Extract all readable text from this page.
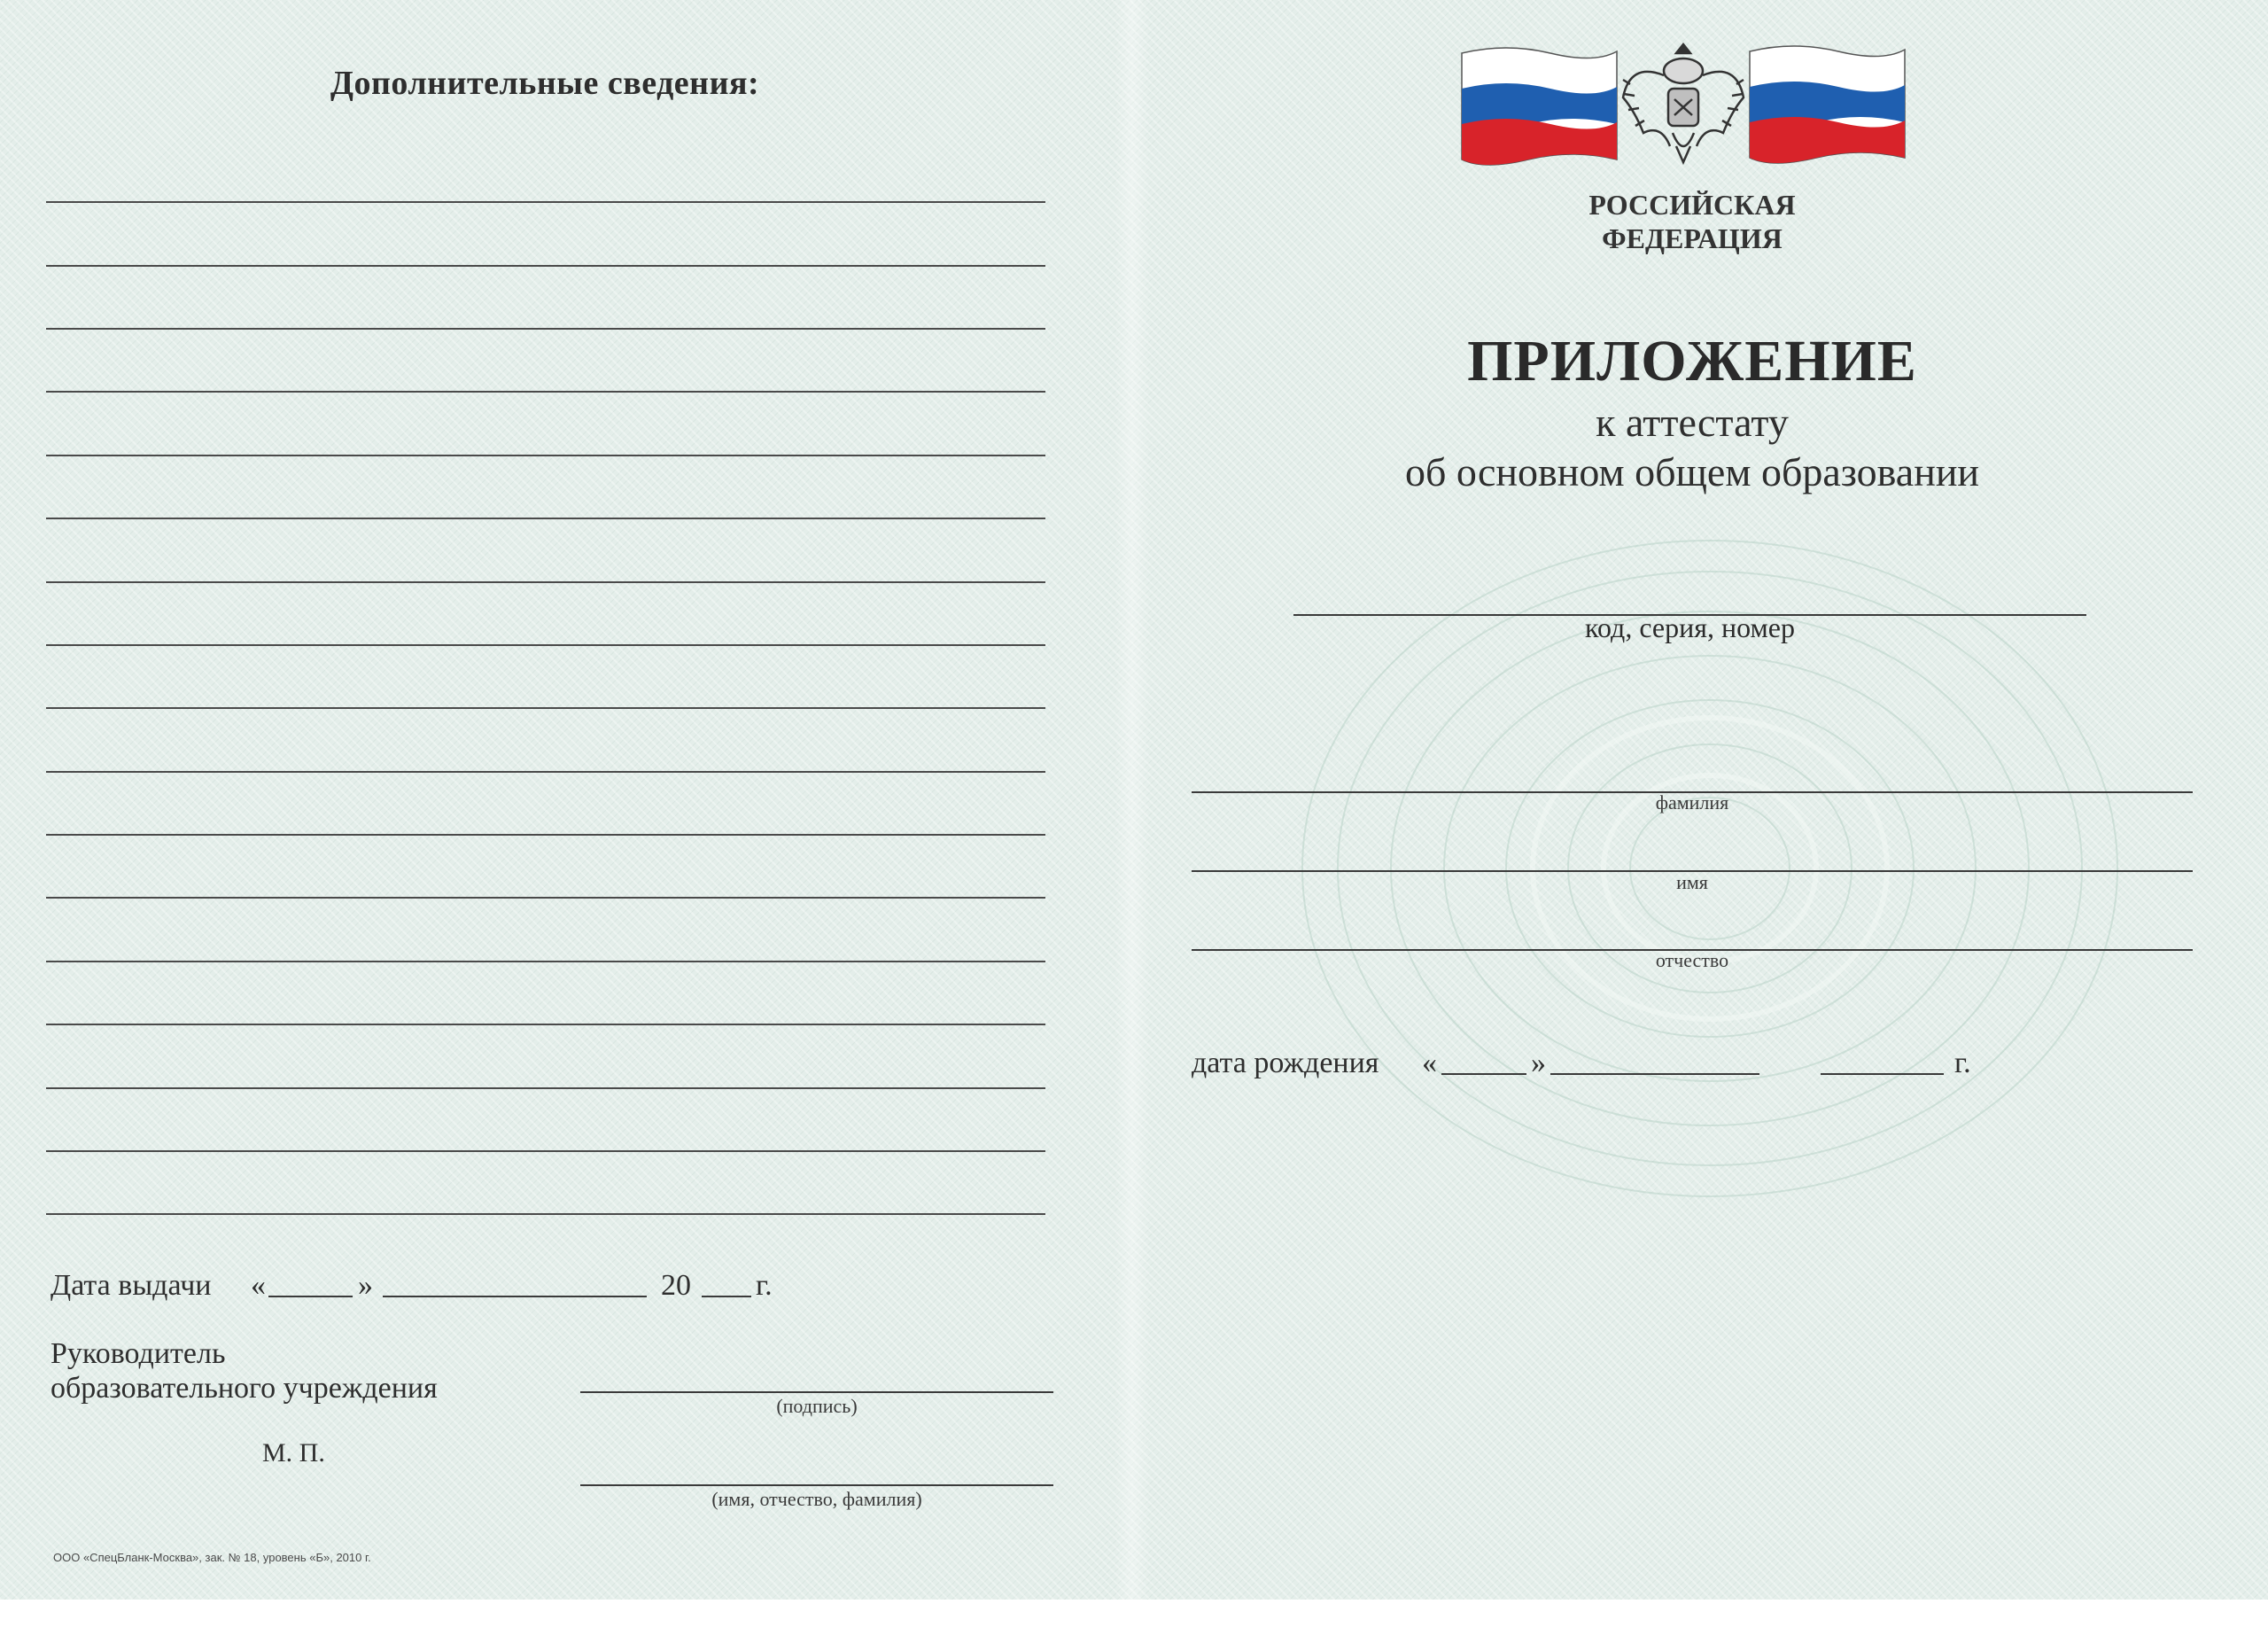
Дополнительные сведения:
Дата выдачи «	»	20 г.
Руководитель
образовательного учреждения
(подпись)
М. П.
(имя, отчество, фамилия)
ООО «СпецБланк-Москва», зак. № 18, уровень «Б», 2010 г.
РОССИЙСКАЯ
ФЕДЕРАЦИЯ
ПРИЛОЖЕНИЕ
к аттестату
об основном общем образовании
код, серия, номер
фамилия
имя
отчество
дата рождения «	»	г.
